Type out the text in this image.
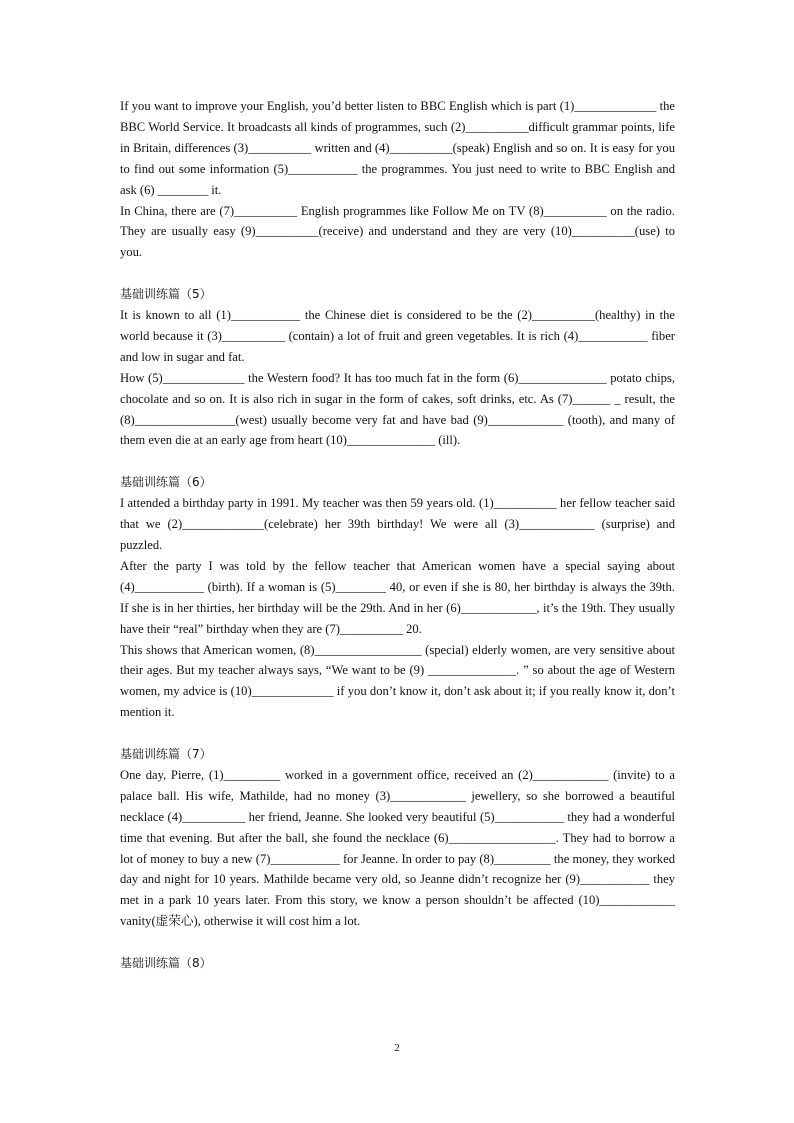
If you want to improve your English, you’d better listen to BBC English which is part (1)_____________ the BBC World Service. It broadcasts all kinds of programmes, such (2)__________difficult grammar points, life in Britain, differences (3)__________ written and (4)__________(speak) English and so on. It is easy for you to find out some information (5)___________ the programmes. You just need to write to BBC English and ask (6) ________ it.

In China, there are (7)__________ English programmes like Follow Me on TV (8)__________ on the radio. They are usually easy (9)__________(receive) and understand and they are very (10)__________(use) to you.

基础训练篇（5）

It is known to all (1)___________ the Chinese diet is considered to be the (2)__________(healthy) in the world because it (3)__________ (contain) a lot of fruit and green vegetables. It is rich (4)___________ fiber and low in sugar and fat.

How (5)_____________ the Western food? It has too much fat in the form (6)______________ potato chips, chocolate and so on. It is also rich in sugar in the form of cakes, soft drinks, etc. As (7)______ _ result, the (8)________________(west) usually become very fat and have bad (9)____________ (tooth), and many of them even die at an early age from heart (10)______________ (ill).

基础训练篇（6）

I attended a birthday party in 1991. My teacher was then 59 years old. (1)__________ her fellow teacher said that we (2)_____________(celebrate) her 39th birthday! We were all (3)____________ (surprise) and puzzled.

After the party I was told by the fellow teacher that American women have a special saying about (4)___________ (birth). If a woman is (5)________ 40, or even if she is 80, her birthday is always the 39th. If she is in her thirties, her birthday will be the 29th. And in her (6)____________, it’s the 19th. They usually have their “real” birthday when they are (7)__________ 20.

This shows that American women, (8)_________________ (special) elderly women, are very sensitive about their ages. But my teacher always says, “We want to be (9) ______________. ” so about the age of Western women, my advice is (10)_____________ if you don’t know it, don’t ask about it; if you really know it, don’t mention it.

基础训练篇（7）

One day, Pierre, (1)_________ worked in a government office, received an (2)____________ (invite) to a palace ball. His wife, Mathilde, had no money (3)____________ jewellery, so she borrowed a beautiful necklace (4)__________ her friend, Jeanne. She looked very beautiful (5)___________ they had a wonderful time that evening. But after the ball, she found the necklace (6)_________________. They had to borrow a lot of money to buy a new (7)___________ for Jeanne. In order to pay (8)_________ the money, they worked day and night for 10 years. Mathilde became very old, so Jeanne didn’t recognize her (9)___________ they met in a park 10 years later. From this story, we know a person shouldn’t be affected (10)____________ vanity(虚荣心), otherwise it will cost him a lot.

基础训练篇（8）

2
